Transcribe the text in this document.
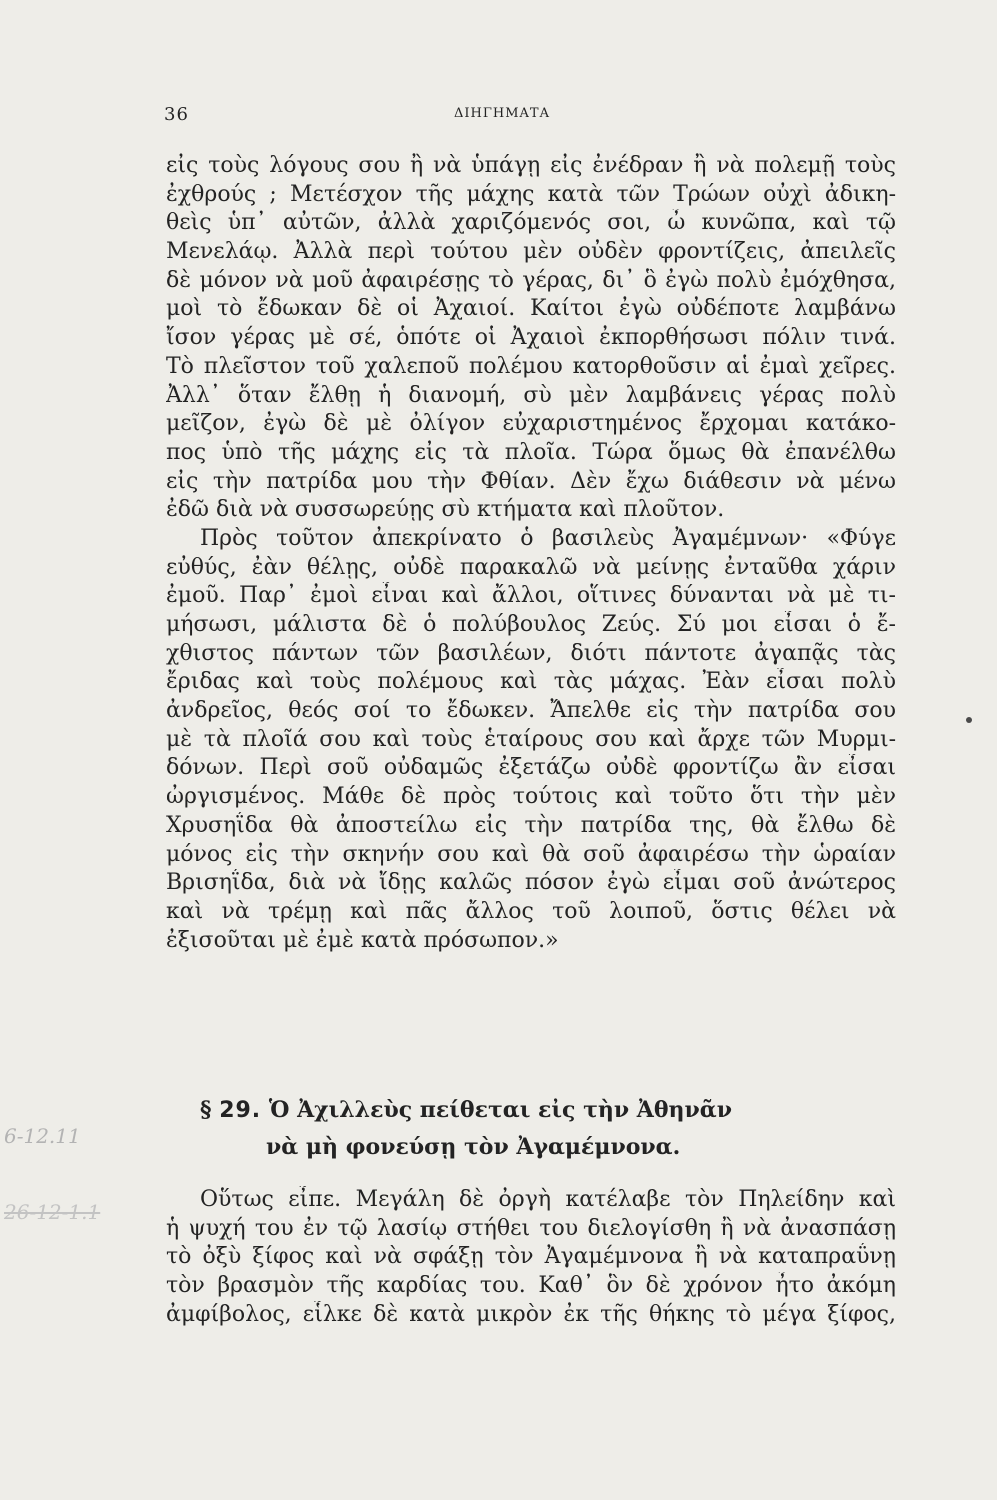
36	ΔΙΗΓΗΜΑΤΑ
εἰς τοὺς λόγους σου ἢ νὰ ὑπάγῃ εἰς ἐνέδραν ἢ νὰ πολεμῇ τοὺς
ἐχθρούς ; Μετέσχον τῆς μάχης κατὰ τῶν Τρώων οὐχὶ ἀδικη-
θεὶς ὑπ᾿ αὐτῶν, ἀλλὰ χαριζόμενός σοι, ὦ κυνῶπα, καὶ τῷ
Μενελάῳ. Ἀλλὰ περὶ τούτου μὲν οὐδὲν φροντίζεις, ἀπειλεῖς
δὲ μόνον νὰ μοῦ ἀφαιρέσῃς τὸ γέρας, δι᾿ ὃ ἐγὼ πολὺ ἐμόχθησα,
μοὶ τὸ ἔδωκαν δὲ οἱ Ἀχαιοί. Καίτοι ἐγὼ οὐδέποτε λαμβάνω
ἴσον γέρας μὲ σέ, ὁπότε οἱ Ἀχαιοὶ ἐκπορθήσωσι πόλιν τινά.
Τὸ πλεῖστον τοῦ χαλεποῦ πολέμου κατορθοῦσιν αἱ ἐμαὶ χεῖρες.
Ἀλλ᾿ ὅταν ἔλθῃ ἡ διανομή, σὺ μὲν λαμβάνεις γέρας πολὺ
μεῖζον, ἐγὼ δὲ μὲ ὀλίγον εὐχαριστημένος ἔρχομαι κατάκο-
πος ὑπὸ τῆς μάχης εἰς τὰ πλοῖα. Τώρα ὅμως θὰ ἐπανέλθω
εἰς τὴν πατρίδα μου τὴν Φθίαν. Δὲν ἔχω διάθεσιν νὰ μένω
ἐδῶ διὰ νὰ συσσωρεύῃς σὺ κτήματα καὶ πλοῦτον.
Πρὸς τοῦτον ἀπεκρίνατο ὁ βασιλεὺς Ἀγαμέμνων· «Φύγε
εὐθύς, ἐὰν θέλῃς, οὐδὲ παρακαλῶ νὰ μείνῃς ἐνταῦθα χάριν
ἐμοῦ. Παρ᾿ ἐμοὶ εἶναι καὶ ἄλλοι, οἵτινες δύνανται νὰ μὲ τι-
μήσωσι, μάλιστα δὲ ὁ πολύβουλος Ζεύς. Σύ μοι εἶσαι ὁ ἔ-
χθιστος πάντων τῶν βασιλέων, διότι πάντοτε ἀγαπᾷς τὰς
ἔριδας καὶ τοὺς πολέμους καὶ τὰς μάχας. Ἐὰν εἶσαι πολὺ
ἀνδρεῖος, θεός σοί το ἔδωκεν. Ἄπελθε εἰς τὴν πατρίδα σου
μὲ τὰ πλοῖά σου καὶ τοὺς ἑταίρους σου καὶ ἄρχε τῶν Μυρμι-
δόνων. Περὶ σοῦ οὐδαμῶς ἐξετάζω οὐδὲ φροντίζω ἂν εἶσαι
ὠργισμένος. Μάθε δὲ πρὸς τούτοις καὶ τοῦτο ὅτι τὴν μὲν
Χρυσηΐδα θὰ ἀποστείλω εἰς τὴν πατρίδα της, θὰ ἔλθω δὲ
μόνος εἰς τὴν σκηνήν σου καὶ θὰ σοῦ ἀφαιρέσω τὴν ὡραίαν
Βρισηΐδα, διὰ νὰ ἴδῃς καλῶς πόσον ἐγὼ εἶμαι σοῦ ἀνώτερος
καὶ νὰ τρέμῃ καὶ πᾶς ἄλλος τοῦ λοιποῦ, ὅστις θέλει νὰ
ἐξισοῦται μὲ ἐμὲ κατὰ πρόσωπον.»
§ 29. Ὁ Ἀχιλλεὺς πείθεται εἰς τὴν Ἀθηνᾶν
νὰ μὴ φονεύσῃ τὸν Ἀγαμέμνονα.
Οὕτως εἶπε. Μεγάλη δὲ ὀργὴ κατέλαβε τὸν Πηλείδην καὶ
ἡ ψυχή του ἐν τῷ λασίῳ στήθει του διελογίσθη ἢ νὰ ἀνασπάσῃ
τὸ ὀξὺ ξίφος καὶ νὰ σφάξῃ τὸν Ἀγαμέμνονα ἢ νὰ καταπραΰνῃ
τὸν βρασμὸν τῆς καρδίας του. Καθ᾿ ὃν δὲ χρόνον ἦτο ἀκόμη
ἀμφίβολος, εἷλκε δὲ κατὰ μικρὸν ἐκ τῆς θήκης τὸ μέγα ξίφος,
6-12.11
26-12-1.1
